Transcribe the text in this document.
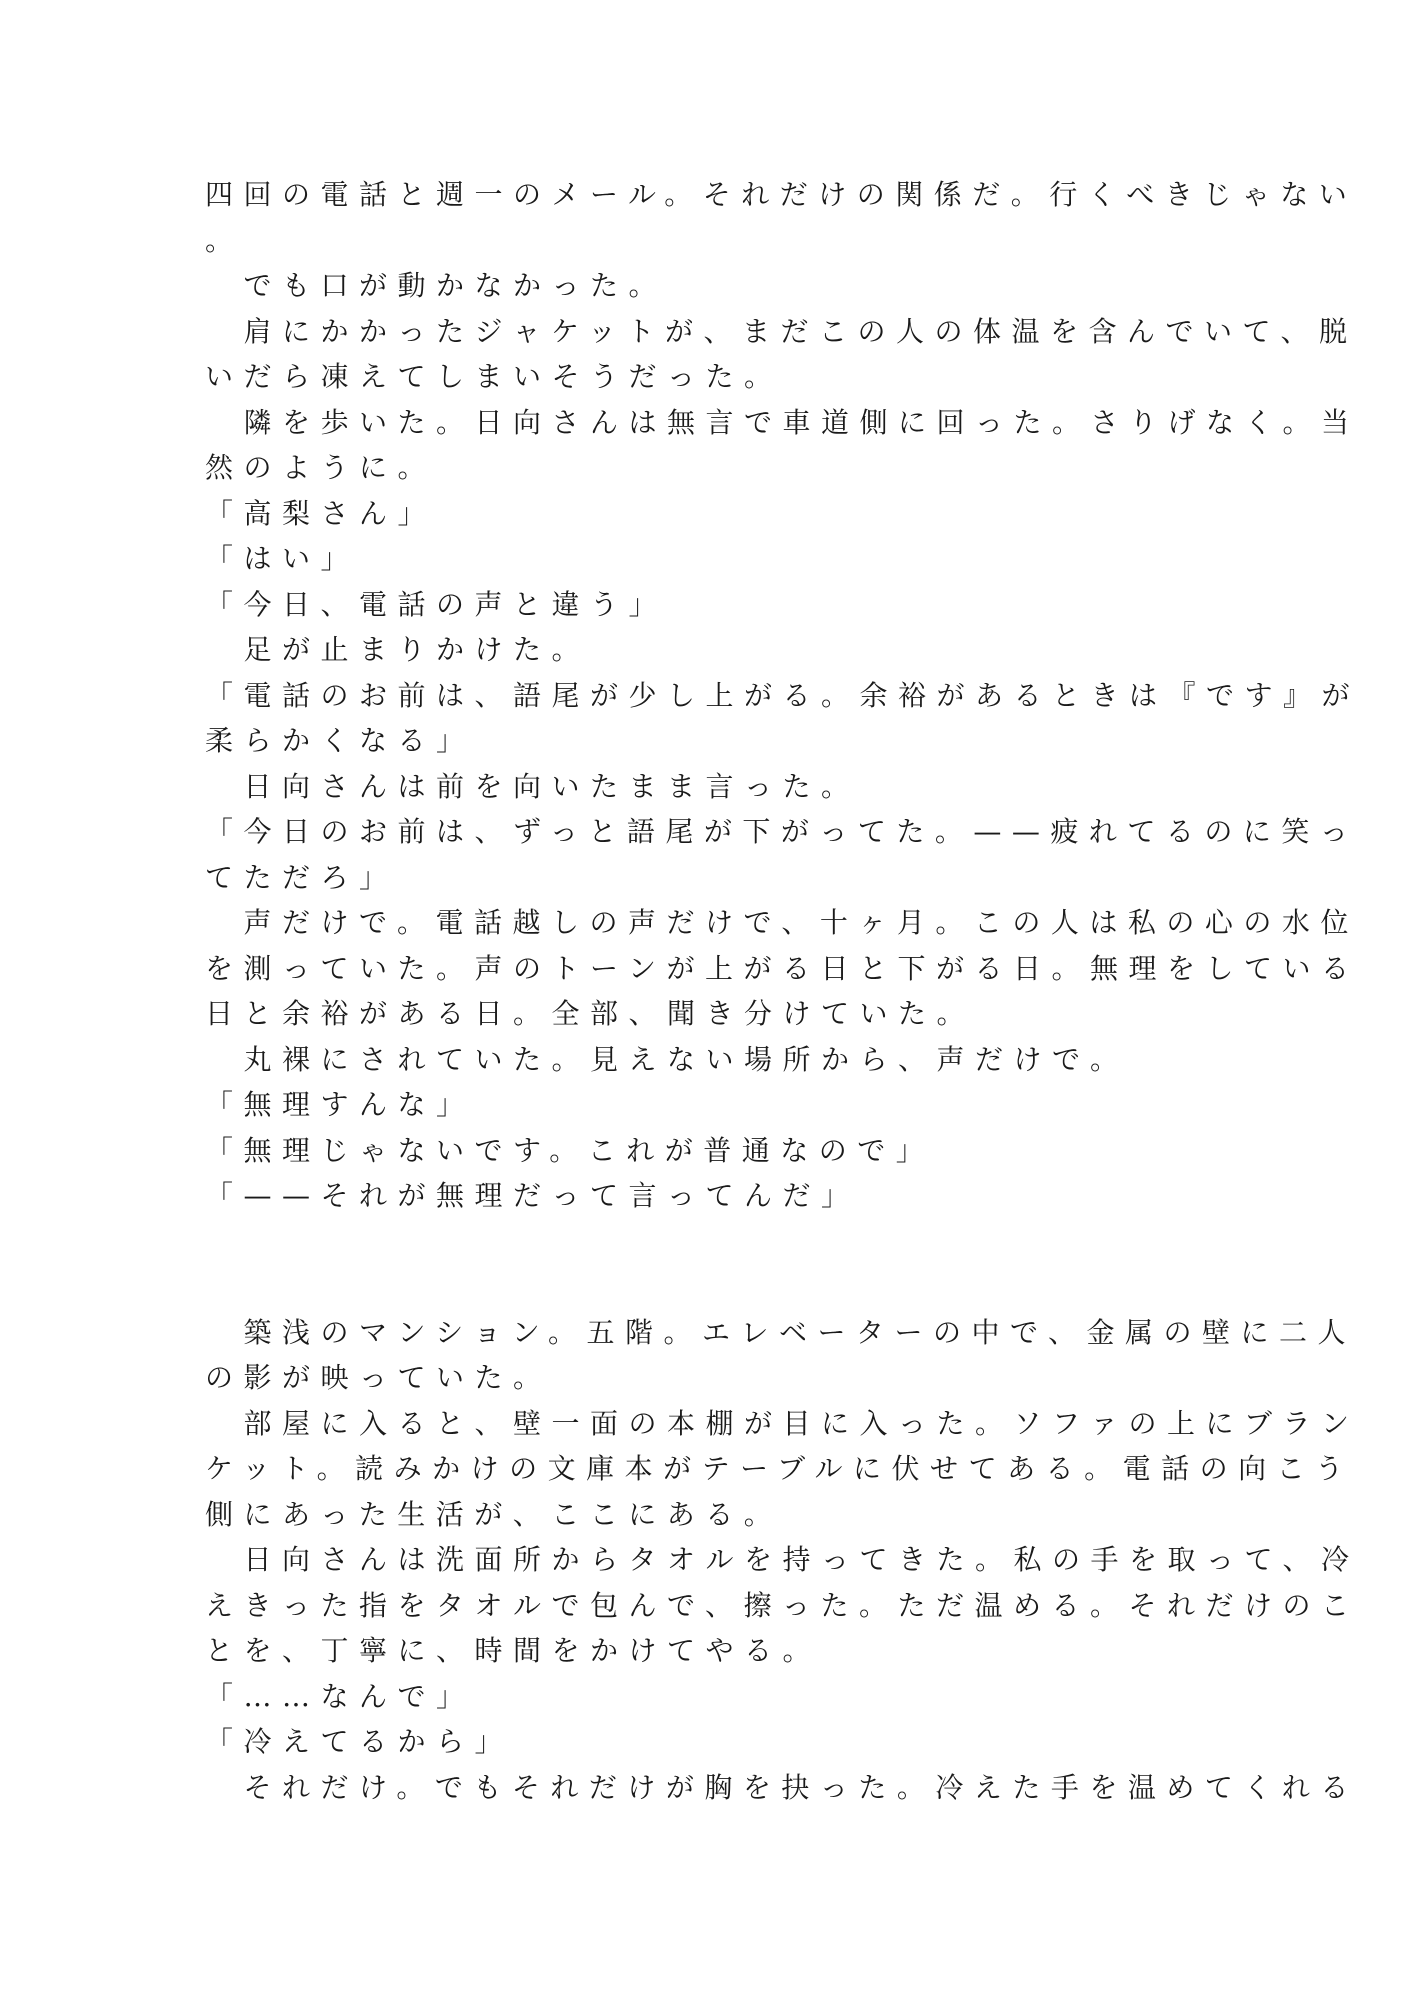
四回の電話と週一のメール。それだけの関係だ。行くべきじゃない
。
　でも口が動かなかった。
　肩にかかったジャケットが、まだこの人の体温を含んでいて、脱
いだら凍えてしまいそうだった。
　隣を歩いた。日向さんは無言で車道側に回った。さりげなく。当
然のように。
「高梨さん」
「はい」
「今日、電話の声と違う」
　足が止まりかけた。
「電話のお前は、語尾が少し上がる。余裕があるときは『です』が
柔らかくなる」
　日向さんは前を向いたまま言った。
「今日のお前は、ずっと語尾が下がってた。——疲れてるのに笑っ
てただろ」
　声だけで。電話越しの声だけで、十ヶ月。この人は私の心の水位
を測っていた。声のトーンが上がる日と下がる日。無理をしている
日と余裕がある日。全部、聞き分けていた。
　丸裸にされていた。見えない場所から、声だけで。
「無理すんな」
「無理じゃないです。これが普通なので」
「——それが無理だって言ってんだ」
　築浅のマンション。五階。エレベーターの中で、金属の壁に二人
の影が映っていた。
　部屋に入ると、壁一面の本棚が目に入った。ソファの上にブラン
ケット。読みかけの文庫本がテーブルに伏せてある。電話の向こう
側にあった生活が、ここにある。
　日向さんは洗面所からタオルを持ってきた。私の手を取って、冷
えきった指をタオルで包んで、擦った。ただ温める。それだけのこ
とを、丁寧に、時間をかけてやる。
「……なんで」
「冷えてるから」
　それだけ。でもそれだけが胸を抉った。冷えた手を温めてくれる
